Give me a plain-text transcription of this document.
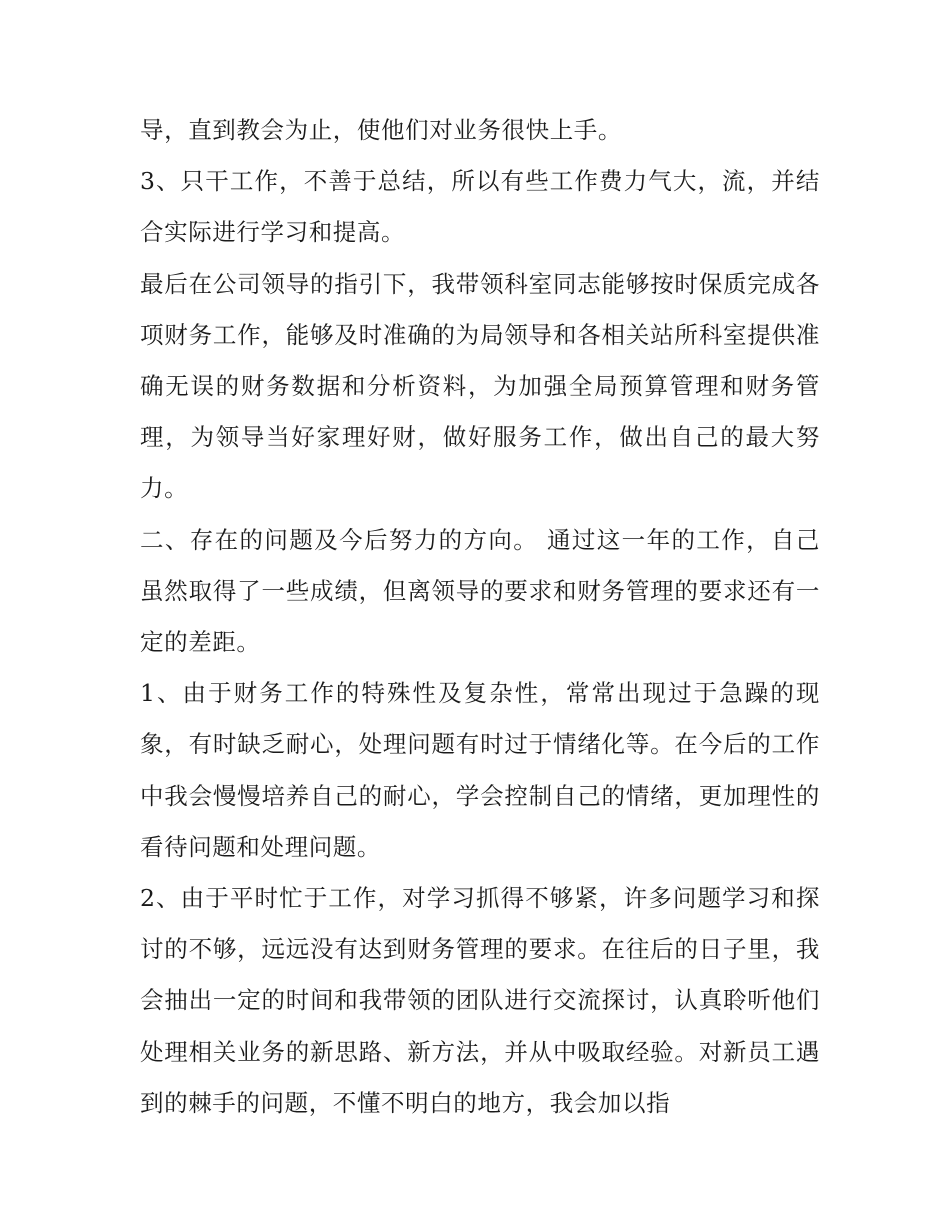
导，直到教会为止，使他们对业务很快上手。

3、只干工作，不善于总结，所以有些工作费力气大，流，并结合实际进行学习和提高。

最后在公司领导的指引下，我带领科室同志能够按时保质完成各项财务工作，能够及时准确的为局领导和各相关站所科室提供准确无误的财务数据和分析资料，为加强全局预算管理和财务管理，为领导当好家理好财，做好服务工作，做出自己的最大努力。

二、存在的问题及今后努力的方向。 通过这一年的工作，自己虽然取得了一些成绩，但离领导的要求和财务管理的要求还有一定的差距。

1、由于财务工作的特殊性及复杂性，常常出现过于急躁的现象，有时缺乏耐心，处理问题有时过于情绪化等。在今后的工作中我会慢慢培养自己的耐心，学会控制自己的情绪，更加理性的看待问题和处理问题。

2、由于平时忙于工作，对学习抓得不够紧，许多问题学习和探讨的不够，远远没有达到财务管理的要求。在往后的日子里，我会抽出一定的时间和我带领的团队进行交流探讨，认真聆听他们处理相关业务的新思路、新方法，并从中吸取经验。对新员工遇到的棘手的问题，不懂不明白的地方，我会加以指
